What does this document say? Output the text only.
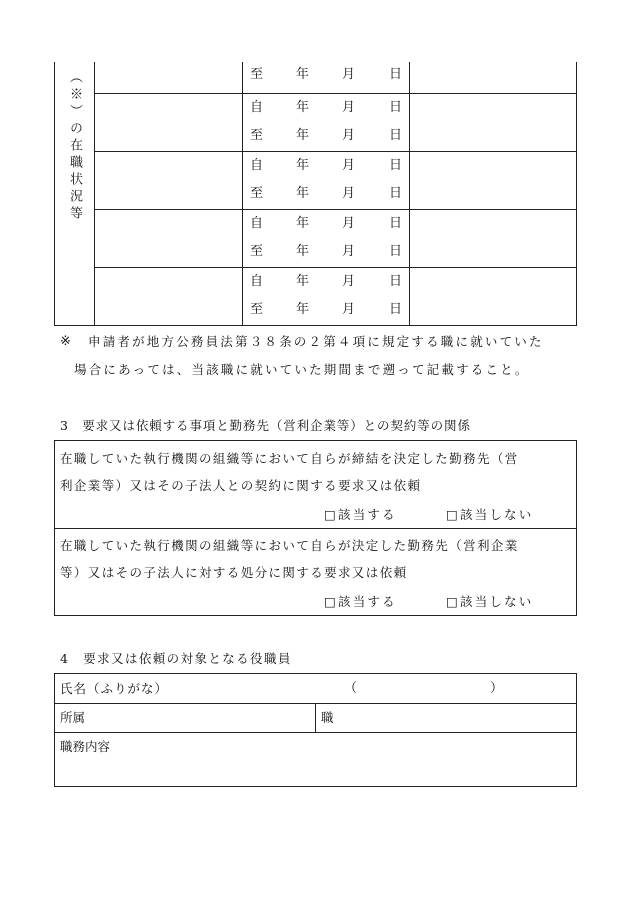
（※）の在職状況等	至	年	月	日
自	年	月	日
至	年	月	日
自	年	月	日
至	年	月	日
自	年	月	日
至	年	月	日
自	年	月	日
至	年	月	日
※ 申請者が地方公務員法第３８条の２第４項に規定する職に就いていた
場合にあっては、当該職に就いていた期間まで遡って記載すること。
3　要求又は依頼する事項と勤務先（営利企業等）との契約等の関係
在職していた執行機関の組織等において自らが締結を決定した勤務先（営
利企業等）又はその子法人との契約に関する要求又は依頼
□該当する	□該当しない
在職していた執行機関の組織等において自らが決定した勤務先（営利企業
等）又はその子法人に対する処分に関する要求又は依頼
□該当する	□該当しない
4　要求又は依頼の対象となる役職員
氏名（ふりがな）	（	）
所属	職
職務内容
